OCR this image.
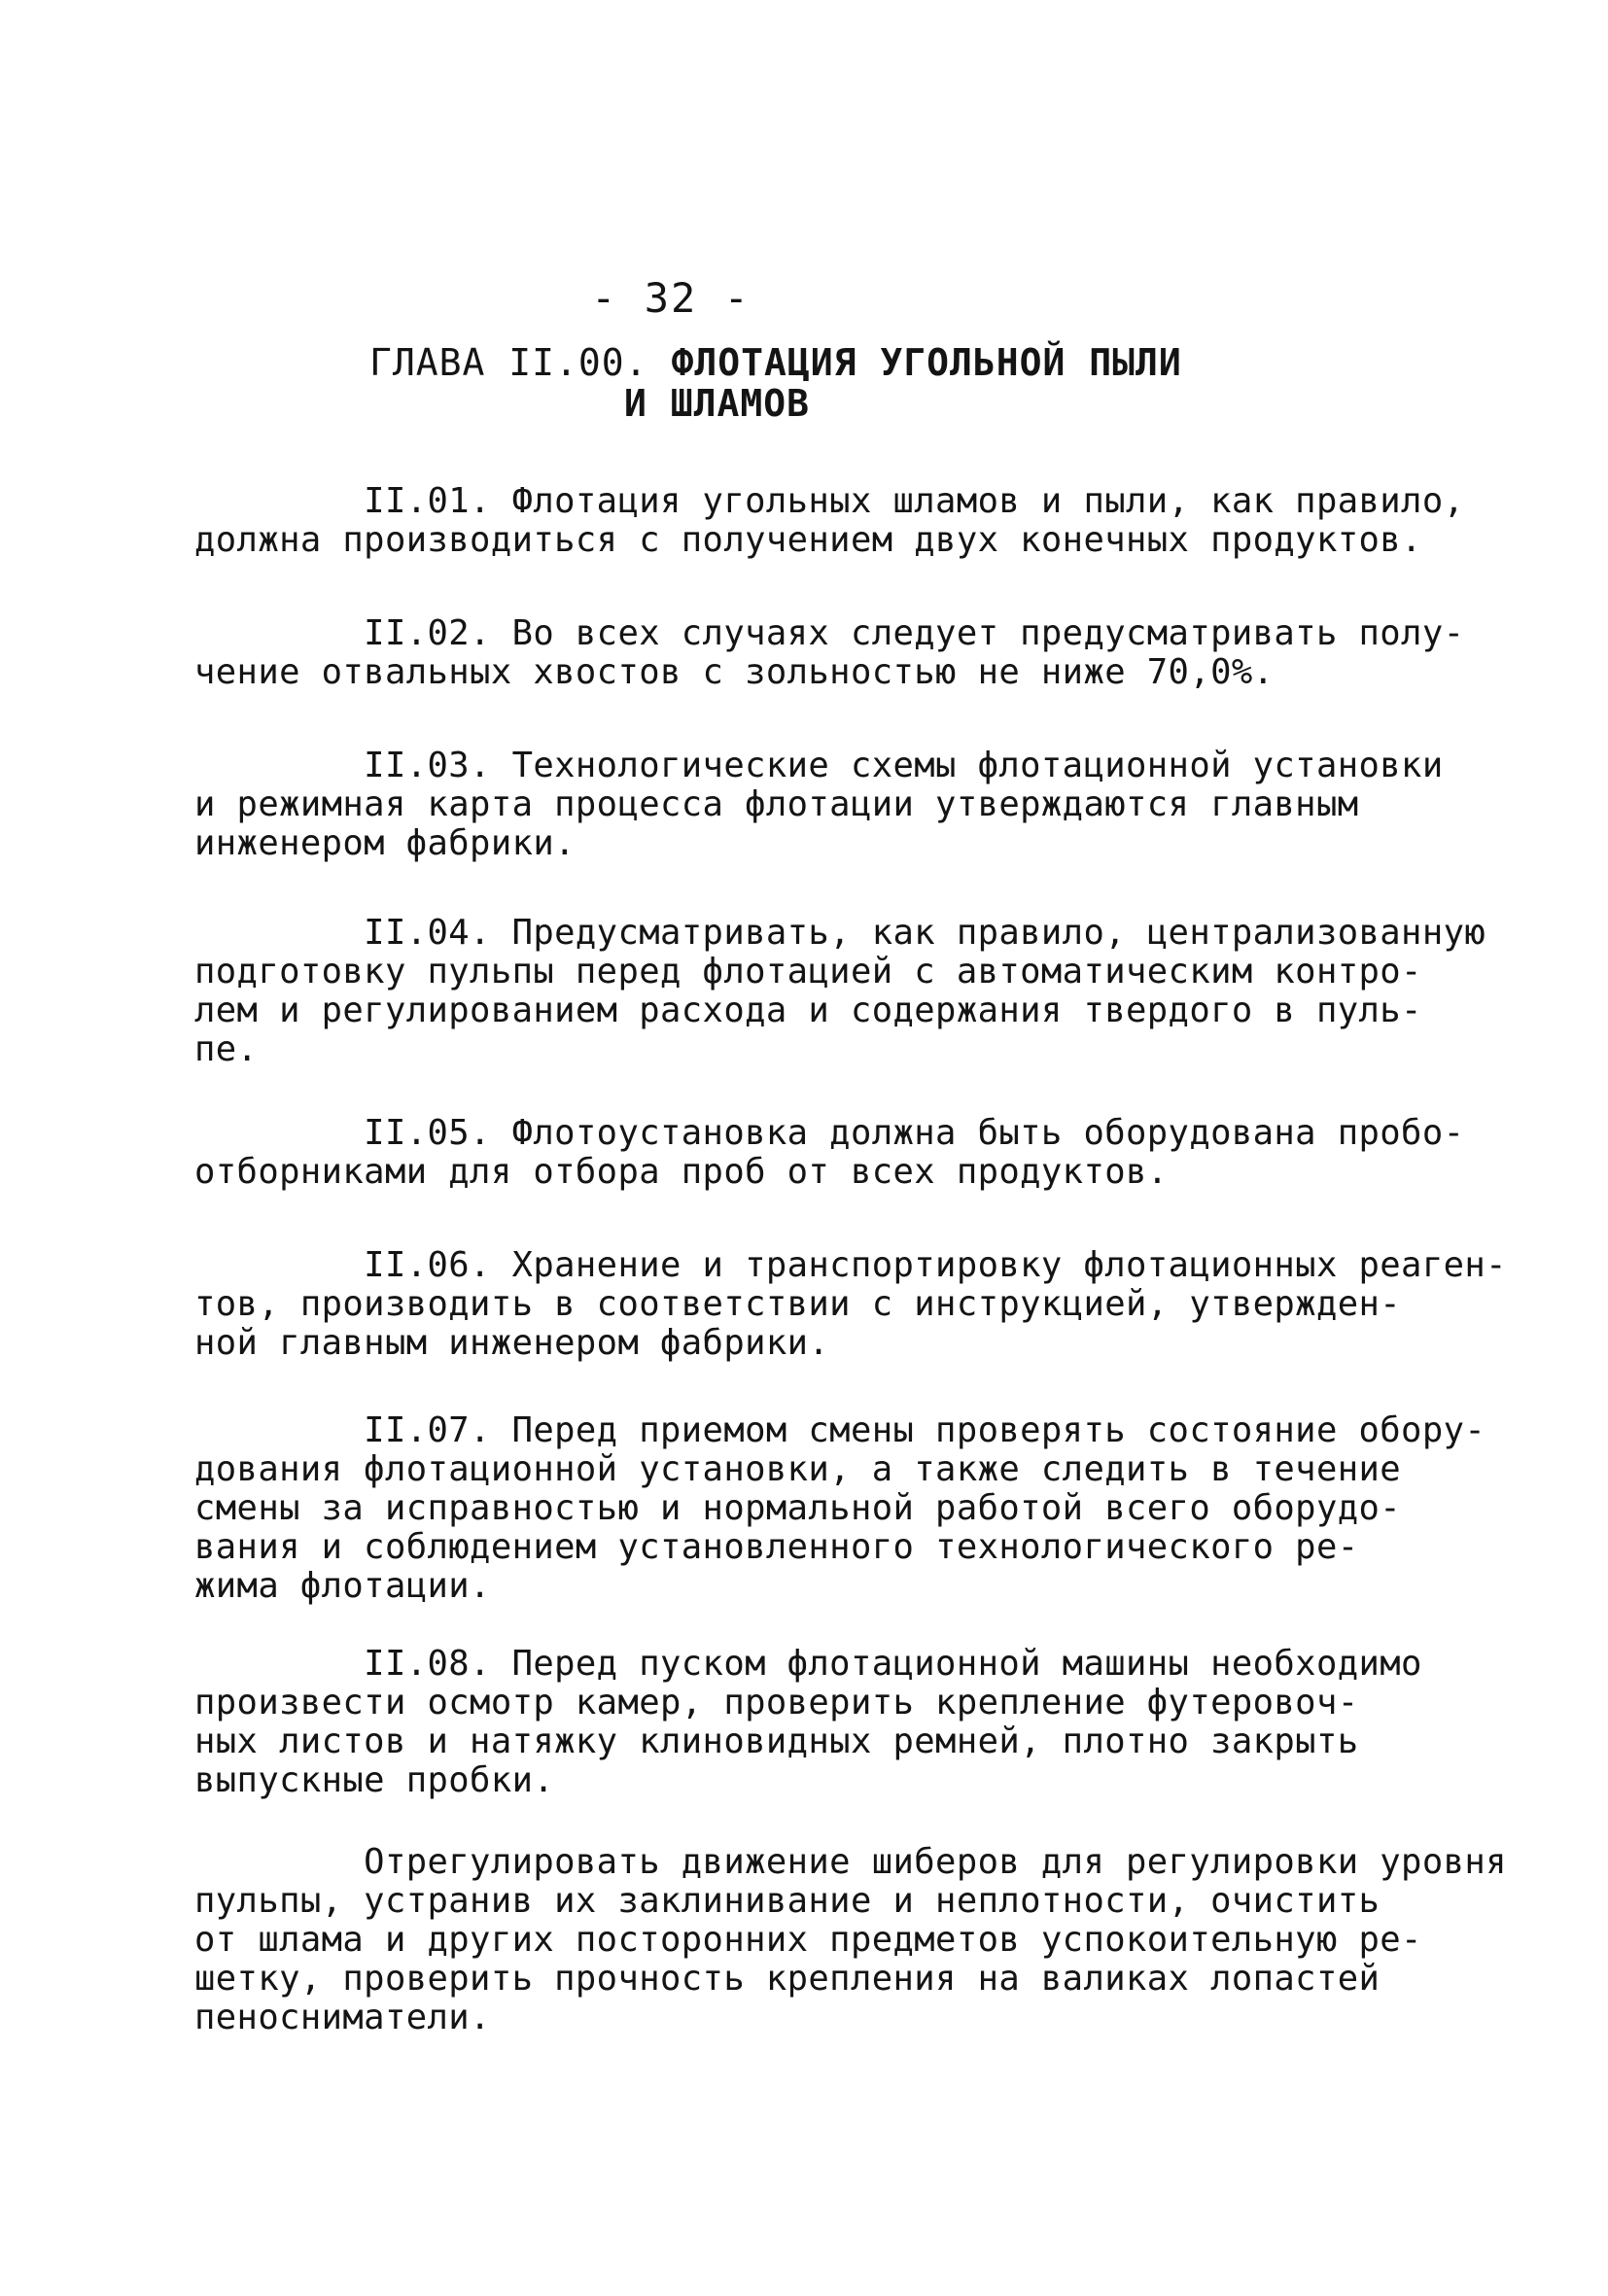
- 32 -
ГЛАВА II.00. ФЛОТАЦИЯ УГОЛЬНОЙ ПЫЛИ
И ШЛАМОВ
II.01. Флотация угольных шламов и пыли, как правило,
должна производиться с получением двух конечных продуктов.
II.02. Во всех случаях следует предусматривать полу-
чение отвальных хвостов с зольностью не ниже 70,0%.
II.03. Технологические схемы флотационной установки
и режимная карта процесса флотации утверждаются главным
инженером фабрики.
II.04. Предусматривать, как правило, централизованную
подготовку пульпы перед флотацией с автоматическим контро-
лем и регулированием расхода и содержания твердого в пуль-
пе.
II.05. Флотоустановка должна быть оборудована пробо-
отборниками для отбора проб от всех продуктов.
II.06. Хранение и транспортировку флотационных реаген-
тов, производить в соответствии с инструкцией, утвержден-
ной главным инженером фабрики.
II.07. Перед приемом смены проверять состояние обору-
дования флотационной установки, а также следить в течение
смены за исправностью и нормальной работой всего оборудо-
вания и соблюдением установленного технологического ре-
жима флотации.
II.08. Перед пуском флотационной машины необходимо
произвести осмотр камер, проверить крепление футеровоч-
ных листов и натяжку клиновидных ремней, плотно закрыть
выпускные пробки.
Отрегулировать движение шиберов для регулировки уровня
пульпы, устранив их заклинивание и неплотности, очистить
от шлама и других посторонних предметов успокоительную ре-
шетку, проверить прочность крепления на валиках лопастей
пеносниматели.
